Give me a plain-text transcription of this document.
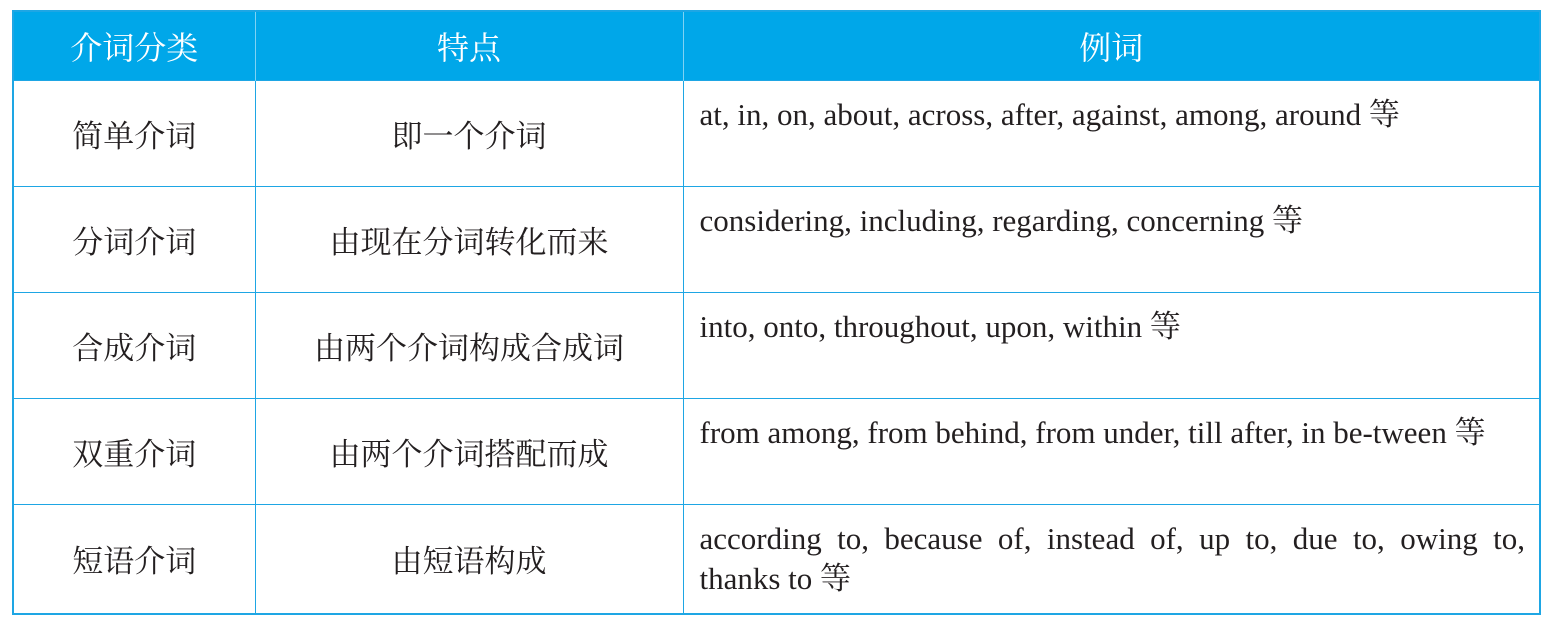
介词分类	特点	例词
简单介词	即一个介词	at, in, on, about, across, after, against, among, around 等
分词介词	由现在分词转化而来	considering, including, regarding, concerning 等
合成介词	由两个介词构成合成词	into, onto, throughout, upon, within 等
双重介词	由两个介词搭配而成	from among, from behind, from under, till after, in be-tween 等
短语介词	由短语构成	according to, because of, instead of, up to, due to, owing to, thanks to 等
